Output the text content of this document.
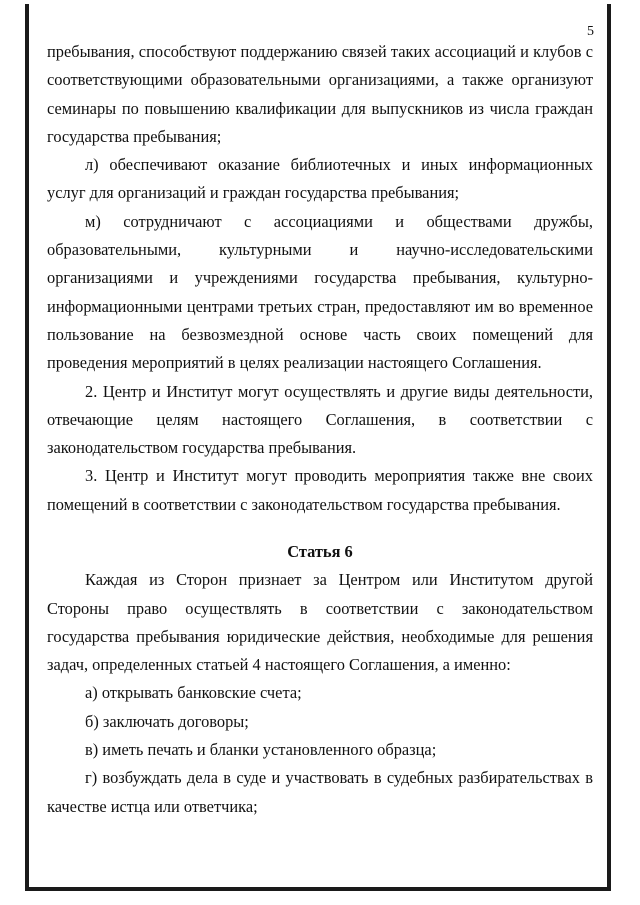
5

пребывания, способствуют поддержанию связей таких ассоциаций и клубов с соответствующими образовательными организациями, а также организуют семинары по повышению квалификации для выпускников из числа граждан государства пребывания;

л) обеспечивают оказание библиотечных и иных информационных услуг для организаций и граждан государства пребывания;

м) сотрудничают с ассоциациями и обществами дружбы, образовательными, культурными и научно-исследовательскими организациями и учреждениями государства пребывания, культурно-информационными центрами третьих стран, предоставляют им во временное пользование на безвозмездной основе часть своих помещений для проведения мероприятий в целях реализации настоящего Соглашения.

2. Центр и Институт могут осуществлять и другие виды деятельности, отвечающие целям настоящего Соглашения, в соответствии с законодательством государства пребывания.

3. Центр и Институт могут проводить мероприятия также вне своих помещений в соответствии с законодательством государства пребывания.

Статья 6

Каждая из Сторон признает за Центром или Институтом другой Стороны право осуществлять в соответствии с законодательством государства пребывания юридические действия, необходимые для решения задач, определенных статьей 4 настоящего Соглашения, а именно:

а) открывать банковские счета;

б) заключать договоры;

в) иметь печать и бланки установленного образца;

г) возбуждать дела в суде и участвовать в судебных разбирательствах в качестве истца или ответчика;
